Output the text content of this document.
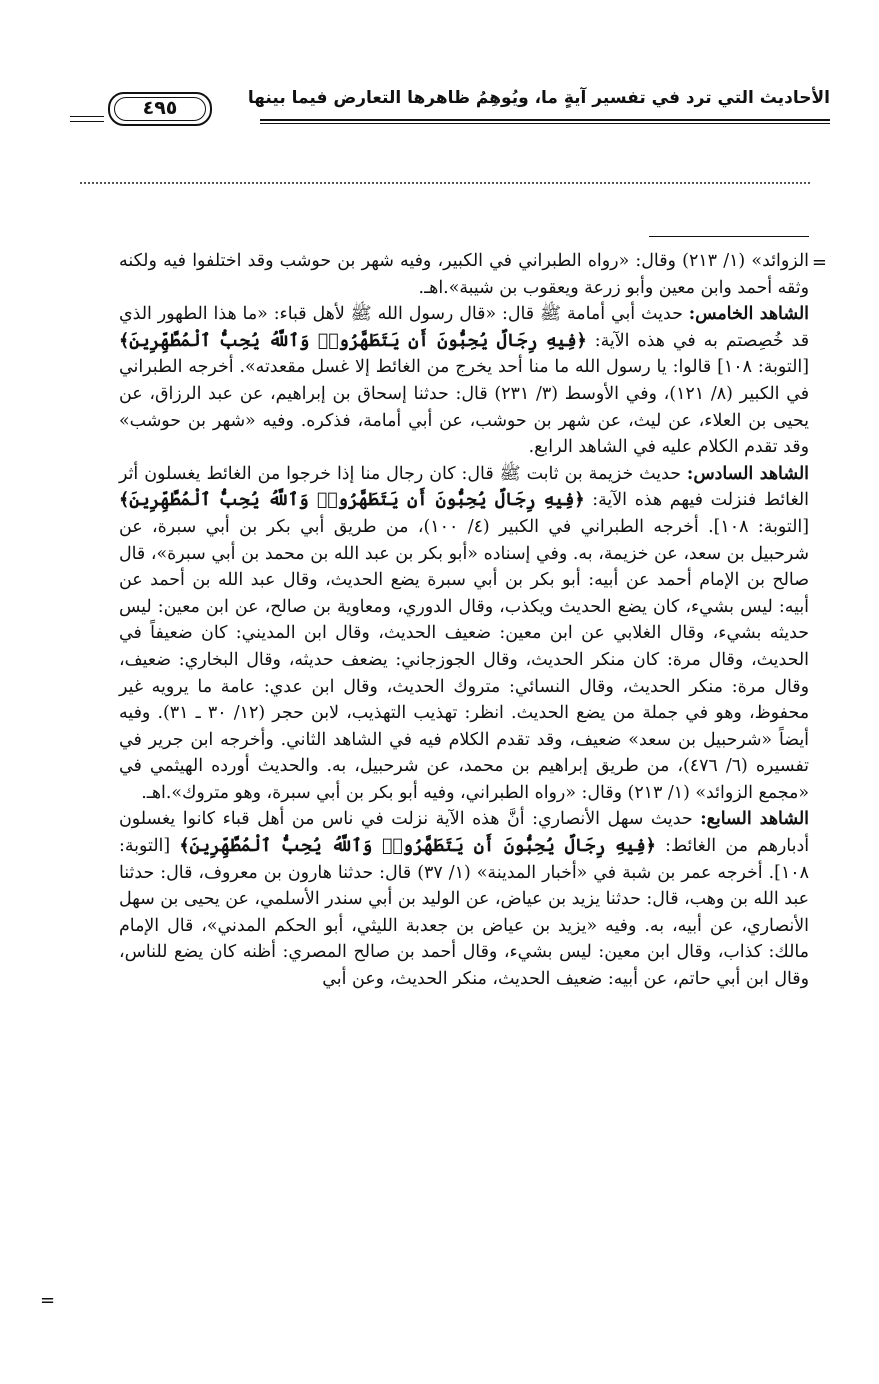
الأحاديث التي ترد في تفسير آيةٍ ما، ويُوهِمُ ظاهرها التعارض فيما بينها
٤٩٥
=

الزوائد» (١/ ٢١٣) وقال: «رواه الطبراني في الكبير، وفيه شهر بن حوشب وقد اختلفوا فيه ولكنه وثقه أحمد وابن معين وأبو زرعة ويعقوب بن شيبة».اهـ.

الشاهد الخامس: حديث أبي أمامة ﷺ قال: «قال رسول الله ﷺ لأهل قباء: «ما هذا الطهور الذي قد خُصِصتم به في هذه الآية: ﴿فِيهِ رِجَالٌ يُحِبُّونَ أَن يَتَطَهَّرُوا۟ وَٱللَّهُ يُحِبُّ ٱلْمُطَّهِّرِينَ﴾ [التوبة: ١٠٨] قالوا: يا رسول الله ما منا أحد يخرج من الغائط إلا غسل مقعدته». أخرجه الطبراني في الكبير (٨/ ١٢١)، وفي الأوسط (٣/ ٢٣١) قال: حدثنا إسحاق بن إبراهيم، عن عبد الرزاق، عن يحيى بن العلاء، عن ليث، عن شهر بن حوشب، عن أبي أمامة، فذكره. وفيه «شهر بن حوشب» وقد تقدم الكلام عليه في الشاهد الرابع.

الشاهد السادس: حديث خزيمة بن ثابت ﷺ قال: كان رجال منا إذا خرجوا من الغائط يغسلون أثر الغائط فنزلت فيهم هذه الآية: ﴿فِيهِ رِجَالٌ يُحِبُّونَ أَن يَتَطَهَّرُوا۟ وَٱللَّهُ يُحِبُّ ٱلْمُطَّهِّرِينَ﴾ [التوبة: ١٠٨]. أخرجه الطبراني في الكبير (٤/ ١٠٠)، من طريق أبي بكر بن أبي سبرة، عن شرحبيل بن سعد، عن خزيمة، به. وفي إسناده «أبو بكر بن عبد الله بن محمد بن أبي سبرة»، قال صالح بن الإمام أحمد عن أبيه: أبو بكر بن أبي سبرة يضع الحديث، وقال عبد الله بن أحمد عن أبيه: ليس بشيء، كان يضع الحديث ويكذب، وقال الدوري، ومعاوية بن صالح، عن ابن معين: ليس حديثه بشيء، وقال الغلابي عن ابن معين: ضعيف الحديث، وقال ابن المديني: كان ضعيفاً في الحديث، وقال مرة: كان منكر الحديث، وقال الجوزجاني: يضعف حديثه، وقال البخاري: ضعيف، وقال مرة: منكر الحديث، وقال النسائي: متروك الحديث، وقال ابن عدي: عامة ما يرويه غير محفوظ، وهو في جملة من يضع الحديث. انظر: تهذيب التهذيب، لابن حجر (١٢/ ٣٠ ـ ٣١). وفيه أيضاً «شرحبيل بن سعد» ضعيف، وقد تقدم الكلام فيه في الشاهد الثاني. وأخرجه ابن جرير في تفسيره (٦/ ٤٧٦)، من طريق إبراهيم بن محمد، عن شرحبيل، به. والحديث أورده الهيثمي في «مجمع الزوائد» (١/ ٢١٣) وقال: «رواه الطبراني، وفيه أبو بكر بن أبي سبرة، وهو متروك».اهـ.

الشاهد السابع: حديث سهل الأنصاري: أنَّ هذه الآية نزلت في ناس من أهل قباء كانوا يغسلون أدبارهم من الغائط: ﴿فِيهِ رِجَالٌ يُحِبُّونَ أَن يَتَطَهَّرُوا۟ وَٱللَّهُ يُحِبُّ ٱلْمُطَّهِّرِينَ﴾ [التوبة: ١٠٨]. أخرجه عمر بن شبة في «أخبار المدينة» (١/ ٣٧) قال: حدثنا هارون بن معروف، قال: حدثنا عبد الله بن وهب، قال: حدثنا يزيد بن عياض، عن الوليد بن أبي سندر الأسلمي، عن يحيى بن سهل الأنصاري، عن أبيه، به. وفيه «يزيد بن عياض بن جعدبة الليثي، أبو الحكم المدني»، قال الإمام مالك: كذاب، وقال ابن معين: ليس بشيء، وقال أحمد بن صالح المصري: أظنه كان يضع للناس، وقال ابن أبي حاتم، عن أبيه: ضعيف الحديث، منكر الحديث، وعن أبي

=
